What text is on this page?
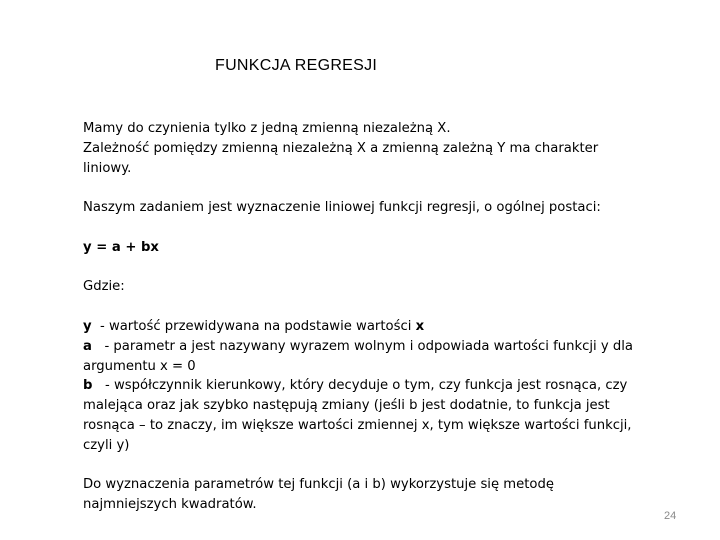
FUNKCJA REGRESJI

Mamy do czynienia tylko z jedną zmienną niezależną X.

Zależność pomiędzy zmienną niezależną X a zmienną zależną Y ma charakter liniowy.

Naszym zadaniem jest wyznaczenie liniowej funkcji regresji, o ogólnej postaci:

y = a + bx

Gdzie:

y  - wartość przewidywana na podstawie wartości x

a   - parametr a jest nazywany wyrazem wolnym i odpowiada wartości funkcji y dla argumentu x = 0

b   - współczynnik kierunkowy, który decyduje o tym, czy funkcja jest rosnąca, czy malejąca oraz jak szybko następują zmiany (jeśli b jest dodatnie, to funkcja jest rosnąca – to znaczy, im większe wartości zmiennej x, tym większe wartości funkcji, czyli y)

Do wyznaczenia parametrów tej funkcji (a i b) wykorzystuje się metodę najmniejszych kwadratów.

24
